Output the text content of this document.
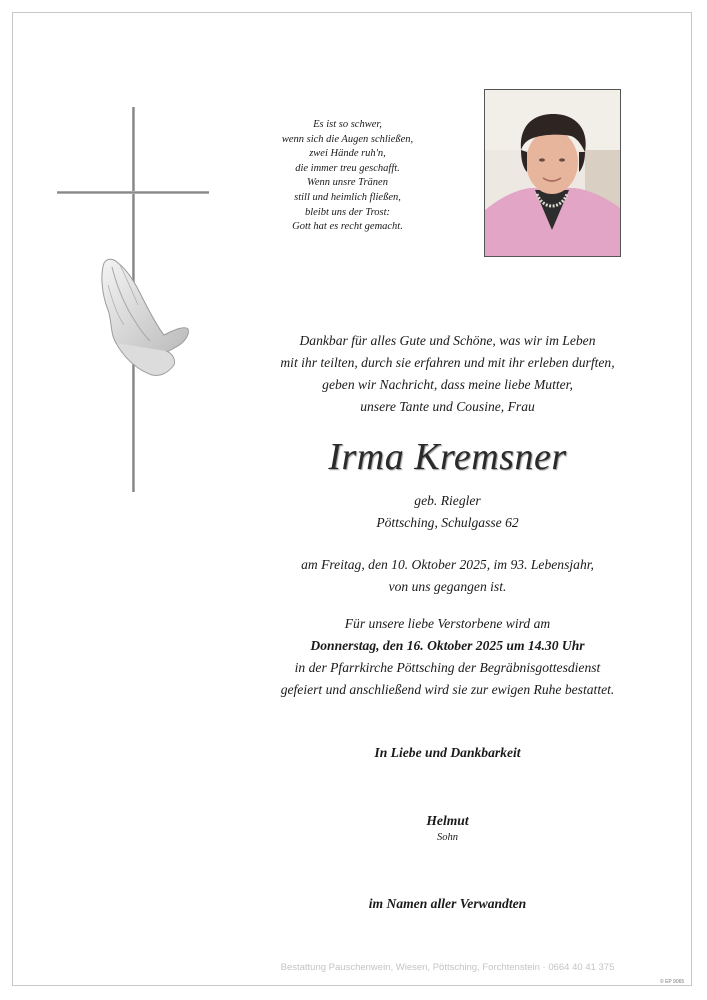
Es ist so schwer,
wenn sich die Augen schließen,
zwei Hände ruh'n,
die immer treu geschafft.
Wenn unsre Tränen
still und heimlich fließen,
bleibt uns der Trost:
Gott hat es recht gemacht.
Dankbar für alles Gute und Schöne, was wir im Leben
mit ihr teilten, durch sie erfahren und mit ihr erleben durften,
geben wir Nachricht, dass meine liebe Mutter,
unsere Tante und Cousine, Frau
Irma Kremsner
geb. Riegler
Pöttsching, Schulgasse 62
am Freitag, den 10. Oktober 2025, im 93. Lebensjahr,
von uns gegangen ist.
Für unsere liebe Verstorbene wird am
Donnerstag, den 16. Oktober 2025 um 14.30 Uhr
in der Pfarrkirche Pöttsching der Begräbnisgottesdienst
gefeiert und anschließend wird sie zur ewigen Ruhe bestattet.
In Liebe und Dankbarkeit
Helmut
Sohn
im Namen aller Verwandten
Bestattung Pauschenwein, Wiesen, Pöttsching, Forchtenstein · 0664 40 41 375
© EP 9065
